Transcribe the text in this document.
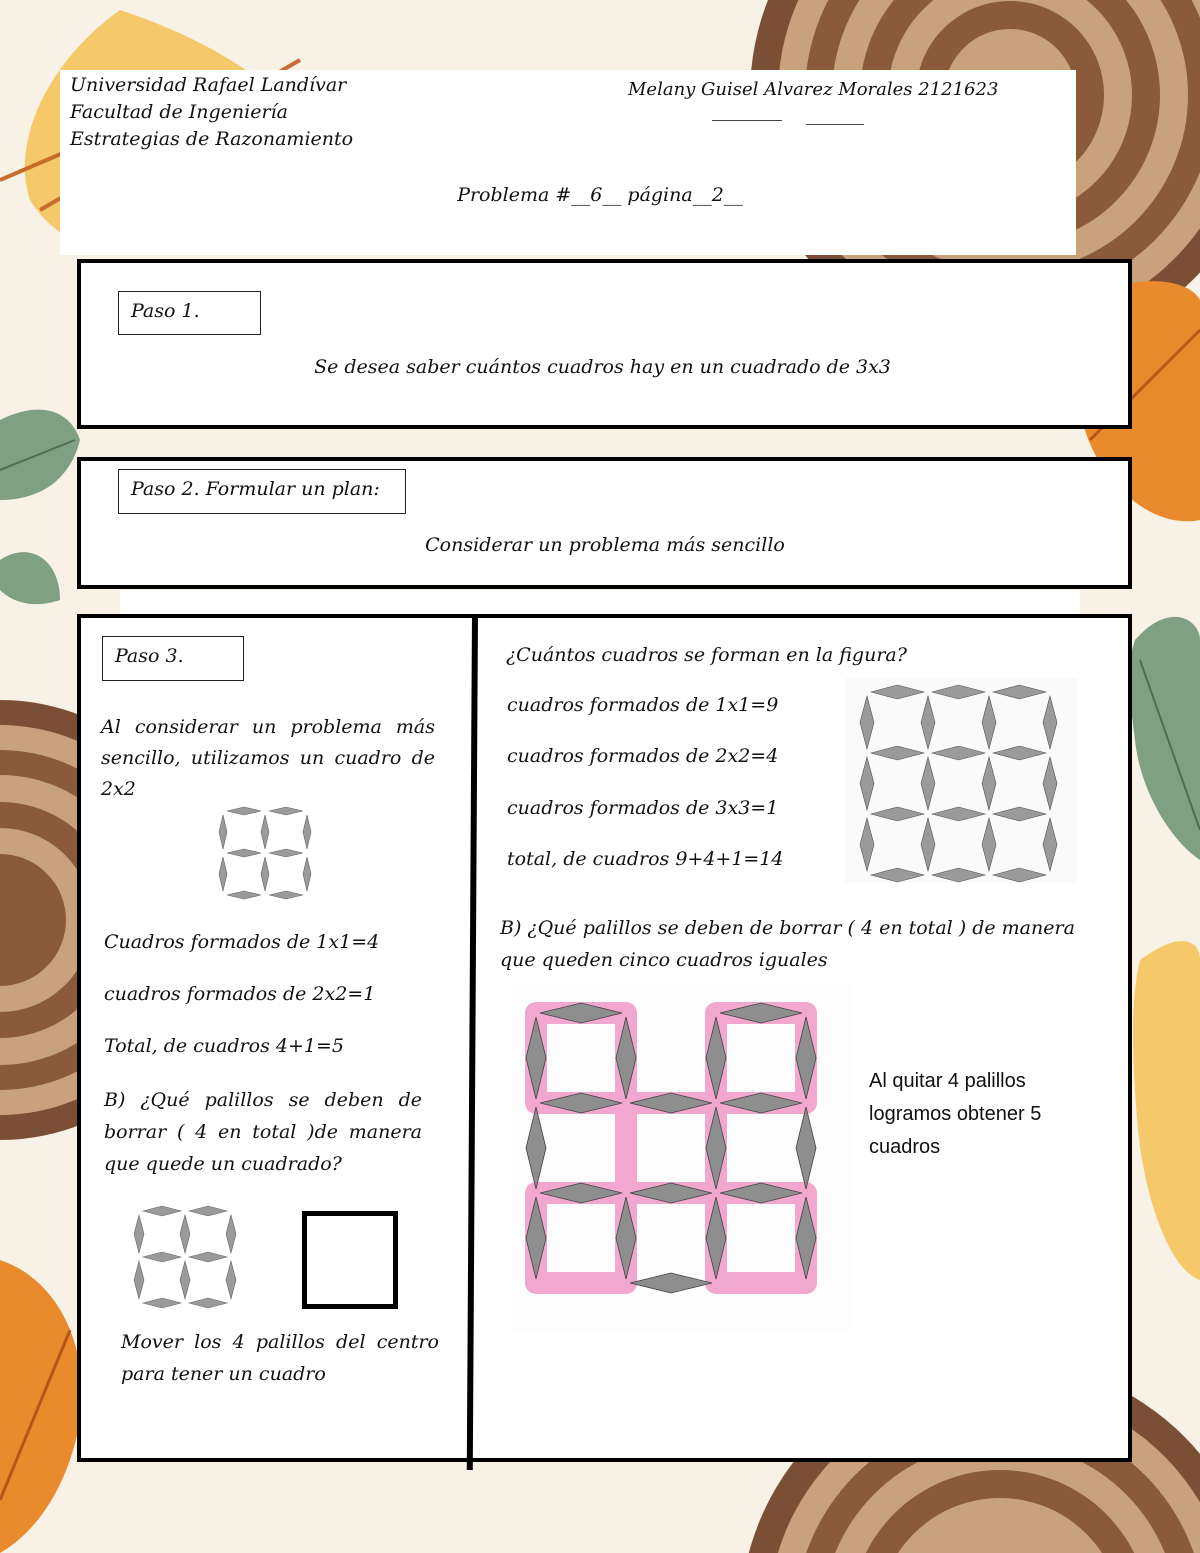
Universidad Rafael Landívar
Facultad de Ingeniería
Estrategias de Razonamiento
Melany Guisel Alvarez Morales 2121623
Problema #__6__ página__2__
Paso 1.
Se desea saber cuántos cuadros hay en un cuadrado de 3x3
Paso 2. Formular un plan:
Considerar un problema más sencillo
Paso 3.
Al considerar un problema más sencillo, utilizamos un cuadro de 2x2
Cuadros formados de 1x1=4
cuadros formados de 2x2=1
Total, de cuadros 4+1=5
B) ¿Qué palillos se deben de borrar ( 4 en total )de manera que quede un cuadrado?
Mover los 4 palillos del centro para tener un cuadro
¿Cuántos cuadros se forman en la figura?
cuadros formados de 1x1=9
cuadros formados de 2x2=4
cuadros formados de 3x3=1
total, de cuadros 9+4+1=14
B) ¿Qué palillos se deben de borrar ( 4 en total ) de manera que queden cinco cuadros iguales
Al quitar 4 palillos logramos obtener 5 cuadros
